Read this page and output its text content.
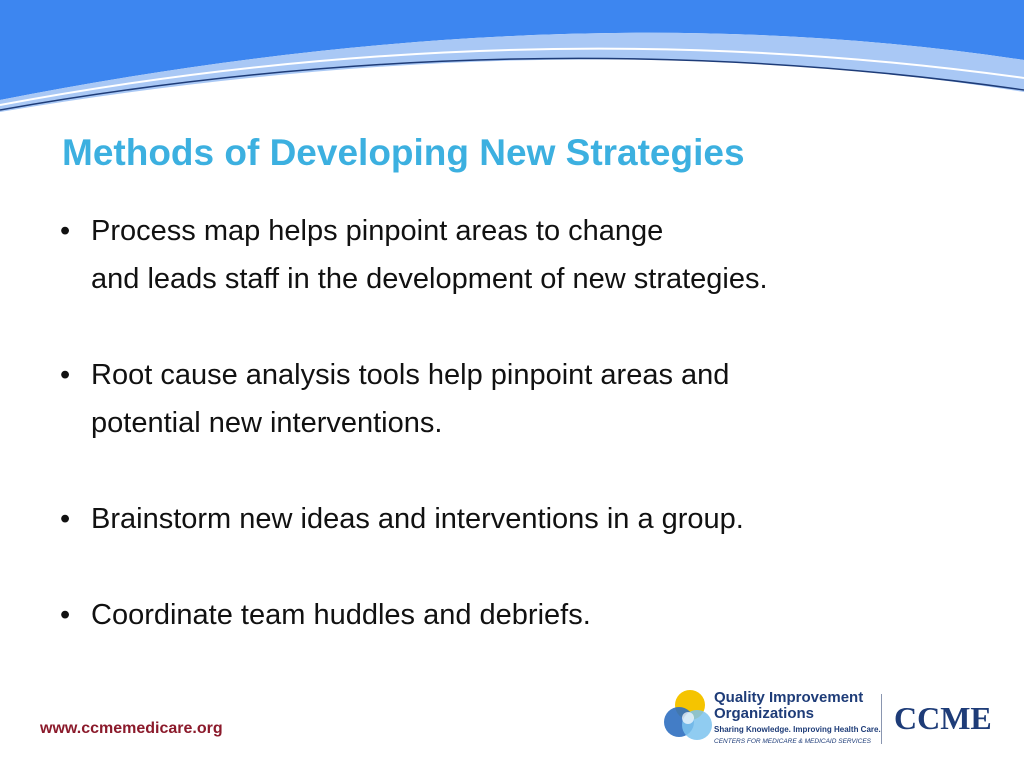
Methods of Developing New Strategies
• Process map helps pinpoint areas to change
and leads staff in the development of new strategies.
• Root cause analysis tools help pinpoint areas and
potential new interventions.
• Brainstorm new ideas and interventions in a group.
• Coordinate team huddles and debriefs.
www.ccmemedicare.org
Quality Improvement
Organizations
Sharing Knowledge. Improving Health Care.
CENTERS FOR MEDICARE & MEDICAID SERVICES
CCME
